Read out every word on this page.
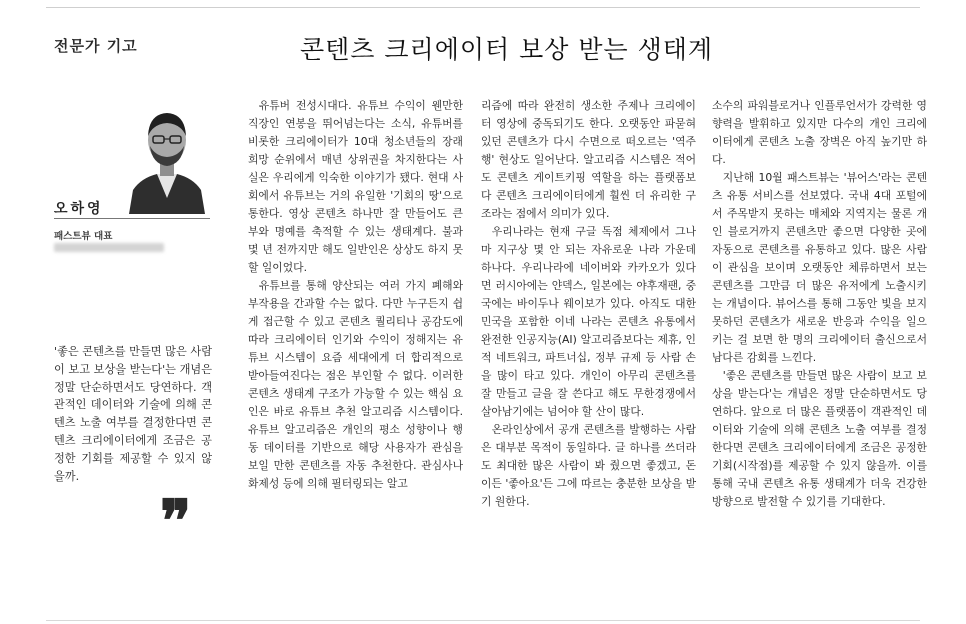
전문가 기고	콘텐츠 크리에이터 보상 받는 생태계
오하영
패스트뷰 대표
'좋은 콘텐츠를 만들면 많은 사람이 보고 보상을 받는다'는 개념은 정말 단순하면서도 당연하다. 객관적인 데이터와 기술에 의해 콘텐츠 노출 여부를 결정한다면 콘텐츠 크리에이터에게 조금은 공정한 기회를 제공할 수 있지 않을까.
❞

유튜버 전성시대다. 유튜브 수익이 웬만한 직장인 연봉을 뛰어넘는다는 소식, 유튜버를 비롯한 크리에이터가 10대 청소년들의 장래희망 순위에서 매년 상위권을 차지한다는 사실은 우리에게 익숙한 이야기가 됐다. 현대 사회에서 유튜브는 거의 유일한 '기회의 땅'으로 통한다. 영상 콘텐츠 하나만 잘 만들어도 큰 부와 명예를 축적할 수 있는 생태계다. 불과 몇 년 전까지만 해도 일반인은 상상도 하지 못할 일이었다.

유튜브를 통해 양산되는 여러 가지 폐해와 부작용을 간과할 수는 없다. 다만 누구든지 쉽게 접근할 수 있고 콘텐츠 퀄리티나 공감도에 따라 크리에이터 인기와 수익이 정해지는 유튜브 시스템이 요즘 세대에게 더 합리적으로 받아들여진다는 점은 부인할 수 없다. 이러한 콘텐츠 생태계 구조가 가능할 수 있는 핵심 요인은 바로 유튜브 추천 알고리즘 시스템이다. 유튜브 알고리즘은 개인의 평소 성향이나 행동 데이터를 기반으로 해당 사용자가 관심을 보일 만한 콘텐츠를 자동 추천한다. 관심사나 화제성 등에 의해 필터링되는 알고

리즘에 따라 완전히 생소한 주제나 크리에이터 영상에 중독되기도 한다. 오랫동안 파묻혀 있던 콘텐츠가 다시 수면으로 떠오르는 '역주행' 현상도 일어난다. 알고리즘 시스템은 적어도 콘텐츠 게이트키핑 역할을 하는 플랫폼보다 콘텐츠 크리에이터에게 훨씬 더 유리한 구조라는 점에서 의미가 있다.

우리나라는 현재 구글 독점 체제에서 그나마 지구상 몇 안 되는 자유로운 나라 가운데 하나다. 우리나라에 네이버와 카카오가 있다면 러시아에는 얀덱스, 일본에는 야후재팬, 중국에는 바이두나 웨이보가 있다. 아직도 대한민국을 포함한 이네 나라는 콘텐츠 유통에서 완전한 인공지능(AI) 알고리즘보다는 제휴, 인적 네트워크, 파트너십, 정부 규제 등 사람 손을 많이 타고 있다. 개인이 아무리 콘텐츠를 잘 만들고 글을 잘 쓴다고 해도 무한경쟁에서 살아남기에는 넘어야 할 산이 많다.

온라인상에서 공개 콘텐츠를 발행하는 사람은 대부분 목적이 동일하다. 글 하나를 쓰더라도 최대한 많은 사람이 봐 줬으면 좋겠고, 돈이든 '좋아요'든 그에 따르는 충분한 보상을 받기 원한다.

소수의 파워블로거나 인플루언서가 강력한 영향력을 발휘하고 있지만 다수의 개인 크리에이터에게 콘텐츠 노출 장벽은 아직 높기만 하다.

지난해 10월 패스트뷰는 '뷰어스'라는 콘텐츠 유통 서비스를 선보였다. 국내 4대 포털에서 주목받지 못하는 매체와 지역지는 물론 개인 블로거까지 콘텐츠만 좋으면 다양한 곳에 자동으로 콘텐츠를 유통하고 있다. 많은 사람이 관심을 보이며 오랫동안 체류하면서 보는 콘텐츠를 그만큼 더 많은 유저에게 노출시키는 개념이다. 뷰어스를 통해 그동안 빛을 보지 못하던 콘텐츠가 새로운 반응과 수익을 일으키는 걸 보면 한 명의 크리에이터 출신으로서 남다른 감회를 느낀다.

'좋은 콘텐츠를 만들면 많은 사람이 보고 보상을 받는다'는 개념은 정말 단순하면서도 당연하다. 앞으로 더 많은 플랫폼이 객관적인 데이터와 기술에 의해 콘텐츠 노출 여부를 결정한다면 콘텐츠 크리에이터에게 조금은 공정한 기회(시작점)를 제공할 수 있지 않을까. 이를 통해 국내 콘텐츠 유통 생태계가 더욱 건강한 방향으로 발전할 수 있기를 기대한다.
